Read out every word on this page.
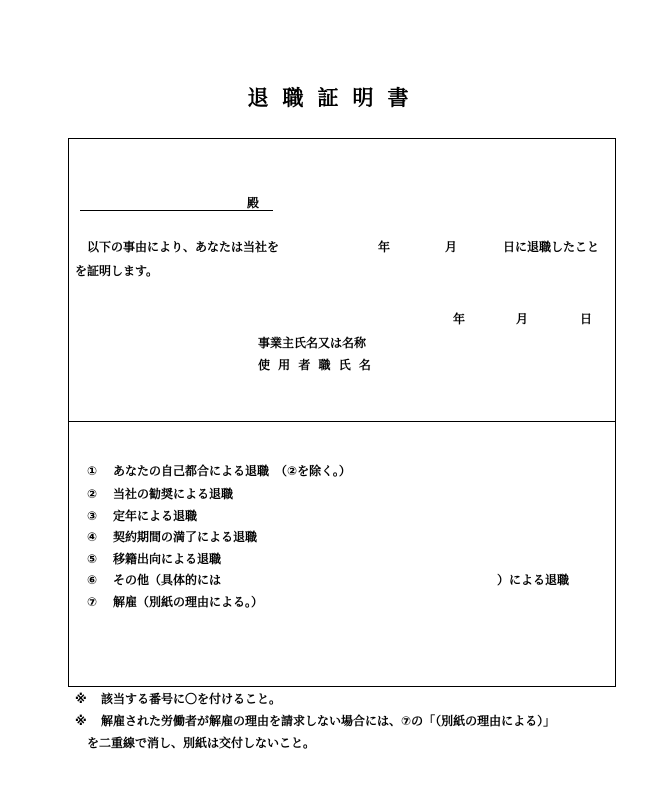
退職証明書
殿
以下の事由により、あなたは当社を	年	月	日に退職したこと
を証明します。
年	月	日
事業主氏名又は名称
使 用 者 職 氏 名
① あなたの自己都合による退職　（②を除く。）
② 当社の勧奨による退職
③ 定年による退職
④ 契約期間の満了による退職
⑤ 移籍出向による退職
⑥ その他（具体的には	）による退職
⑦ 解雇（別紙の理由による。）
※ 該当する番号に〇を付けること。
※ 解雇された労働者が解雇の理由を請求しない場合には、⑦の「（別紙の理由による）」
を二重線で消し、別紙は交付しないこと。
